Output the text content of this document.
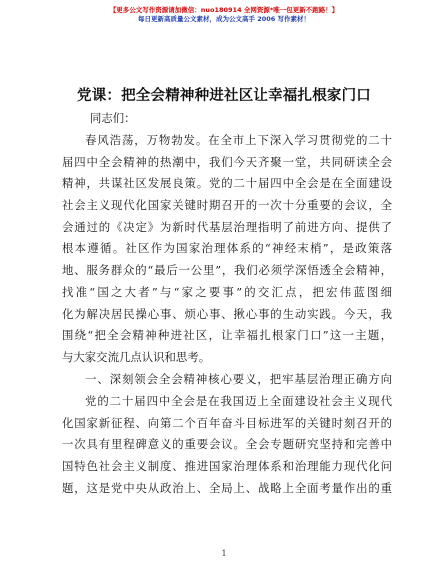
【更多公文写作资源请加微信：nuo180914 全网资源*唯一包更新不跑路！】
每日更新高质量公文素材，成为公文高手 2006 写作素材！
党课：把全会精神种进社区让幸福扎根家门口
同志们：
春风浩荡，万物勃发。在全市上下深入学习贯彻党的二十
届四中全会精神的热潮中，我们今天齐聚一堂，共同研读全会
精神，共谋社区发展良策。党的二十届四中全会是在全面建设
社会主义现代化国家关键时期召开的一次十分重要的会议，全
会通过的《决定》为新时代基层治理指明了前进方向、提供了
根本遵循。社区作为国家治理体系的“神经末梢”，是政策落
地、服务群众的“最后一公里”，我们必须学深悟透全会精神，
找准“国之大者”与“家之要事”的交汇点，把宏伟蓝图细
化为解决居民操心事、烦心事、揪心事的生动实践。今天，我
围绕“把全会精神种进社区，让幸福扎根家门口”这一主题，
与大家交流几点认识和思考。
一、深刻领会全会精神核心要义，把牢基层治理正确方向
党的二十届四中全会是在我国迈上全面建设社会主义现代
化国家新征程、向第二个百年奋斗目标进军的关键时刻召开的
一次具有里程碑意义的重要会议。全会专题研究坚持和完善中
国特色社会主义制度、推进国家治理体系和治理能力现代化问
题，这是党中央从政治上、全局上、战略上全面考量作出的重
1
